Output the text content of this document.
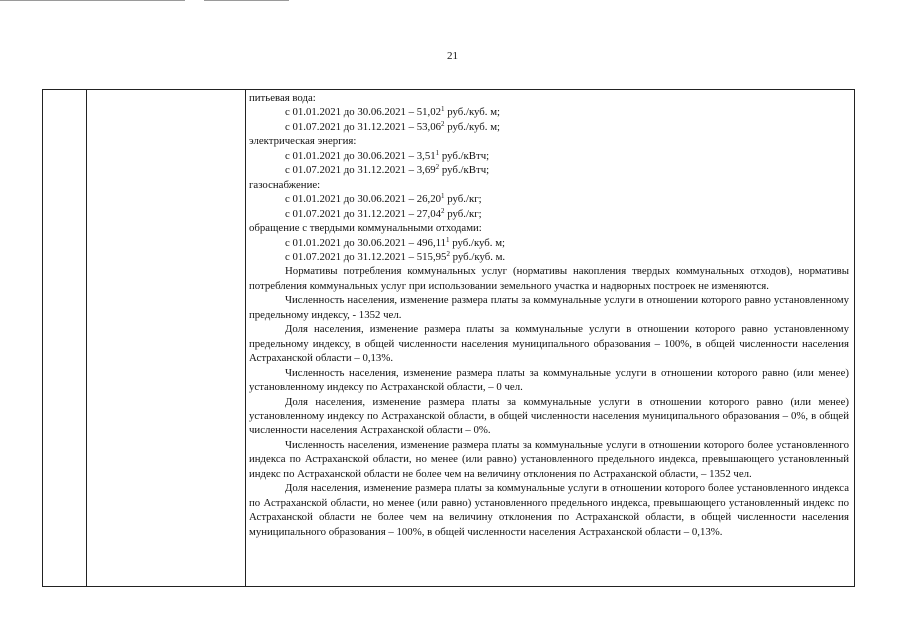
21

питьевая вода:

с 01.01.2021 до 30.06.2021 – 51,02$^1$ руб./куб. м;

с 01.07.2021 до 31.12.2021 – 53,06$^2$ руб./куб. м;

электрическая энергия:

с 01.01.2021 до 30.06.2021 – 3,51$^1$ руб./кВтч;

с 01.07.2021 до 31.12.2021 – 3,69$^2$ руб./кВтч;

газоснабжение:

с 01.01.2021 до 30.06.2021 – 26,20$^1$ руб./кг;

с 01.07.2021 до 31.12.2021 – 27,04$^2$ руб./кг;

обращение с твердыми коммунальными отходами:

с 01.01.2021 до 30.06.2021 – 496,11$^1$ руб./куб. м;

с 01.07.2021 до 31.12.2021 – 515,95$^2$ руб./куб. м.

Нормативы потребления коммунальных услуг (нормативы накопления твердых коммунальных отходов), нормативы потребления коммунальных услуг при использовании земельного участка и надворных построек не изменяются.

Численность населения, изменение размера платы за коммунальные услуги в отношении которого равно установленному предельному индексу, - 1352 чел.

Доля населения, изменение размера платы за коммунальные услуги в отношении которого равно установленному предельному индексу, в общей численности населения муниципального образования – 100%, в общей численности населения Астраханской области – 0,13%.

Численность населения, изменение размера платы за коммунальные услуги в отношении которого равно (или менее) установленному индексу по Астраханской области, – 0 чел.

Доля населения, изменение размера платы за коммунальные услуги в отношении которого равно (или менее) установленному индексу по Астраханской области, в общей численности населения муниципального образования – 0%, в общей численности населения Астраханской области – 0%.

Численность населения, изменение размера платы за коммунальные услуги в отношении которого более установленного индекса по Астраханской области, но менее (или равно) установленного предельного индекса, превышающего установленный индекс по Астраханской области не более чем на величину отклонения по Астраханской области, – 1352 чел.

Доля населения, изменение размера платы за коммунальные услуги в отношении которого более установленного индекса по Астраханской области, но менее (или равно) установленного предельного индекса, превышающего установленный индекс по Астраханской области не более чем на величину отклонения по Астраханской области, в общей численности населения муниципального образования – 100%, в общей численности населения Астраханской области – 0,13%.
